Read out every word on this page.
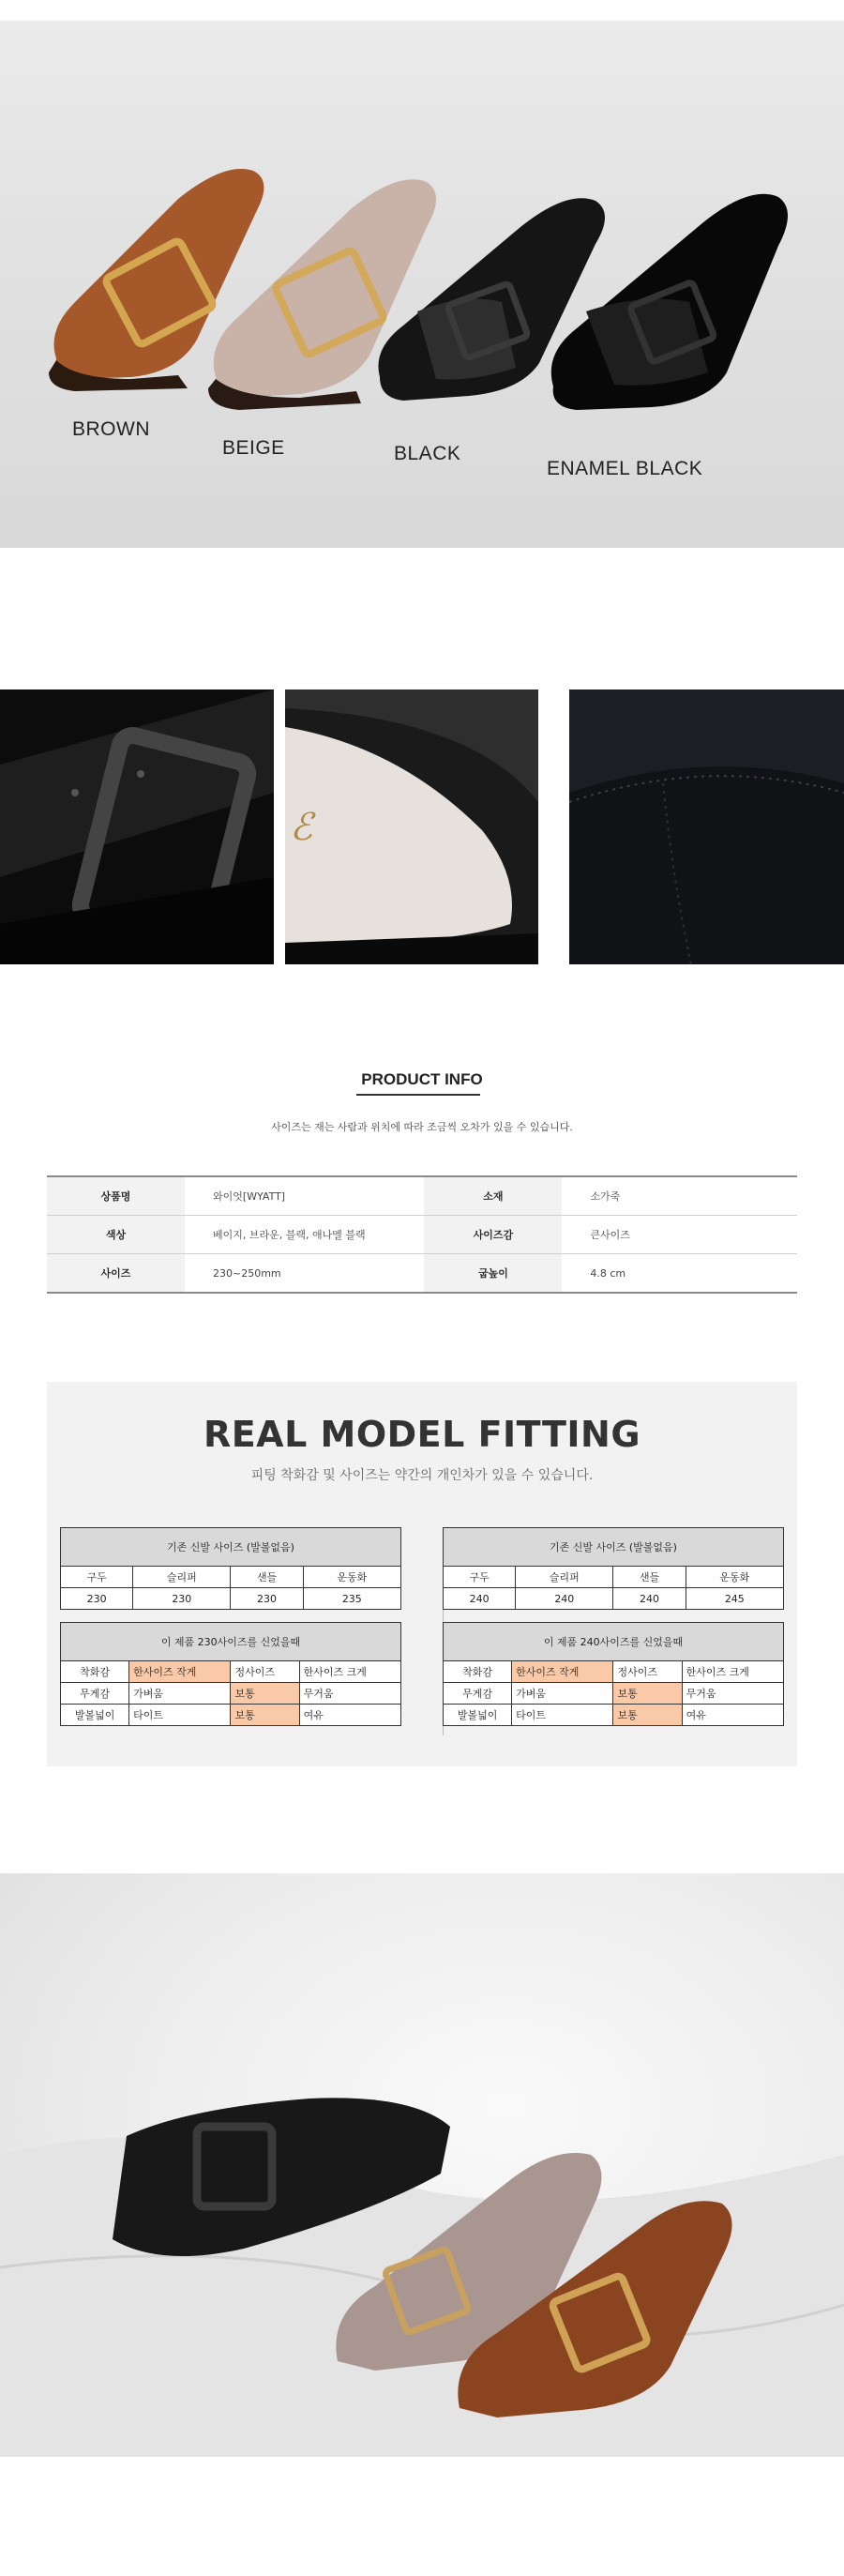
BROWN
BEIGE	BLACK
ENAMEL BLACK
ℰ
PRODUCT INFO
사이즈는 재는 사람과 위치에 따라 조금씩 오차가 있을 수 있습니다.
상품명	와이엇[WYATT]	소재	소가죽
색상	베이지, 브라운, 블랙, 애나멜 블랙	사이즈감	큰사이즈
사이즈	230~250mm	굽높이	4.8 cm
REAL MODEL FITTING
피팅 착화감 및 사이즈는 약간의 개인차가 있을 수 있습니다.
기존 신발 사이즈 (발볼없음)			
구두	슬리퍼	샌들	운동화
230	230	230	235
이 제품 230사이즈를 신었을때			
착화감	한사이즈 작게	정사이즈	한사이즈 크게
무게감	가벼움	보통	무거움
발볼넓이	타이트	보통	여유
기존 신발 사이즈 (발볼없음)			
구두	슬리퍼	샌들	운동화
240	240	240	245
이 제품 240사이즈를 신었을때			
착화감	한사이즈 작게	정사이즈	한사이즈 크게
무게감	가벼움	보통	무거움
발볼넓이	타이트	보통	여유
